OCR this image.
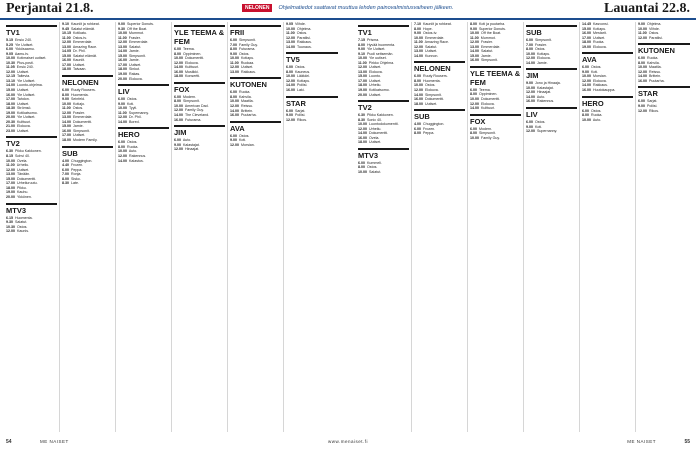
Perjantai 21.8.	NELONEN	Ohjelmatiedot saattavat muuttua lehden painovalmistusvaiheen jälkeen.	Lauantai 22.8.
TV1
5.15 Ensio 240.
5.25 Yle Uutiset.
6.00 Ykkösaamu.
9.05 Aamu-tv.
10.00 Kotimaiset uutiset.
10.30 Plus-posti.
11.05 Ensio 240.
12.00 Uutiset.
12.15 Taltevia.
13.10 Yle Uutiset.
14.00 Luonto-ohjelma.
15.00 Uutiset.
16.00 Yle Uutiset.
17.00 Tahdon.
18.00 Uutiset.
18.30 Strömsö.
19.00 Kotikatsomo.
20.00 Yle Uutiset.
20.30 Kulttuuri.
21.00 Elokuva.
23.00 Uutiset.
TV2
6.30 Pikku Kakkonen.
8.15 Sohvi 40.
10.00 Ovela.
11.00 Urheilu.
12.00 Uutiset.
13.00 Tänään.
15.00 Dokumentti.
17.00 Urheiluruutu.
18.00 Pikku.
19.00 Kauhu.
20.00 Ykkönen.
MTV3
6.15 Huomenta.
9.30 Salatut.
10.30 Ostos.
12.00 Kaunis.
9.10 Kauniit ja rohkeat.
9.45 Salatut elämät.
10.15 Kotikatu.
11.00 Ostos-tv.
12.00 Emmerdale.
13.00 Amazing Race.
14.05 Dr. Phil.
15.00 Salatut elämät.
16.00 Kauniit.
17.00 Uutiset.
18.00 Taivaan.
NELONEN
6.00 Ruuty Rousers.
8.00 Huomenta.
9.00 Seinfeld.
10.00 Kotiajo.
11.00 Ostos.
12.00 Frasier.
13.00 Emmerdale.
14.00 Dokumentti.
15.00 Jamie.
16.00 Simpsonit.
17.00 Uutiset.
18.00 Modern Family.
SUB
4.00 Chuggington.
4.40 Frozen.
6.00 Peppa.
7.00 Ronja.
8.00 Sisko.
8.30 Late.
9.00 Superior Donuts.
9.30 Off the Boat.
10.00 Mummot.
11.00 Frasier.
12.00 Emmerdale.
13.00 Salatut.
14.00 Jamie.
15.00 Simpsonit.
16.00 Jamie.
17.00 Uutiset.
18.00 Sinkut.
19.00 Rakas.
20.00 Elokuva.
LIV
6.00 Ostos.
9.00 Koti.
10.00 Tyyli.
11.00 Supernanny.
12.00 Dr. Phil.
14.00 Bored.
HERO
6.00 Ostos.
8.00 Ruoka.
10.00 Auto.
12.00 Rakennus.
14.00 Kalastus.
YLE TEEMA & FEM
6.00 Teema.
8.00 Oppiminen.
10.00 Dokumentti.
12.00 Elokuva.
14.00 Kulttuuri.
16.00 Musiikki.
18.00 Konsertti.
FOX
6.00 Modern.
8.00 Simpsonit.
10.00 American Dad.
12.00 Family Guy.
14.00 The Cleveland.
16.00 Futurama.
JIM
6.00 Auto.
9.00 Kalastajat.
12.00 Hinaajat.
FRII
6.00 Simpsonit.
7.00 Family Guy.
8.00 Futurama.
9.00 Ostos.
10.00 Kotiapu.
11.00 Ruokaa.
12.00 Uutiset.
13.00 Rakkaus.
KUTONEN
6.00 Ruoka.
8.00 Kahvila.
10.00 Maatila.
12.00 Reissu.
14.00 Brittein.
16.00 Puutarha.
AVA
6.00 Ostos.
9.00 Koti.
12.00 Morsian.
9.05 Viihde.
10.00 Ohjelma.
11.00 Ostos.
12.00 Paratiisi.
13.00 Rakkaus.
14.00 Tuunaus.
TV5
6.00 Ostos.
8.00 Kauneus.
10.00 Lääkäri.
12.00 Kotiapu.
14.00 Poliisi.
16.00 Laki.
STAR
6.00 Sarjat.
9.00 Poliisi.
12.00 Rikos.
TV1
7.15 Prisma.
8.00 Hyvää huomenta.
9.00 Yle Uutiset.
9.10 Puoli seitsemän.
10.00 Yle uutiset.
11.00 Pirkko Ohjelma.
12.00 Uutiset.
13.00 Elokuva.
15.00 Luonto.
17.00 Uutiset.
18.00 Urheilu.
19.00 Kotikatsomo.
20.00 Uutiset.
TV2
6.30 Pikku Kakkonen.
8.30 Sonic 40.
10.00 Luontodokumentti.
12.00 Urheilu.
14.00 Dokumentti.
16.00 Ovela.
18.00 Uutiset.
MTV3
6.00 Kummeli.
8.00 Ostos.
10.00 Salatut.
7.10 Kauniit ja rohkeat.
8.00 Hope.
9.00 Ostos-tv.
10.00 Emmerdale.
11.00 Amazing Race.
12.00 Salatut.
13.00 Uutiset.
14.00 Kunnon.
NELONEN
6.00 Ruuty Rousers.
8.00 Huomenta.
10.00 Ostos.
12.00 Elokuva.
14.00 Simpsonit.
16.00 Dokumentti.
18.00 Uutiset.
SUB
4.00 Chuggington.
6.00 Frozen.
8.00 Peppa.
8.00 Koti ja puutarha.
9.00 Superior Donuts.
10.00 Off the Boat.
11.00 Mummot.
12.00 Frasier.
13.00 Emmerdale.
14.00 Salatut.
15.00 Jamie.
16.00 Simpsonit.
YLE TEEMA & FEM
6.00 Teema.
8.00 Oppiminen.
10.00 Dokumentti.
12.00 Elokuva.
14.00 Kulttuuri.
FOX
6.00 Modern.
8.00 Simpsonit.
10.00 Family Guy.
SUB
6.00 Simpsonit.
7.00 Frasier.
8.00 Ostos.
10.00 Kotiapu.
12.00 Elokuva.
14.00 Jamie.
JIM
9.00 Jono ja Hinaaja.
10.00 Kalastajat.
12.00 Hinaajat.
14.00 Auto.
16.00 Rakennus.
LIV
6.00 Ostos.
9.00 Koti.
12.00 Supernanny.
14.45 Kasvonsi.
15.00 Kotiapu.
16.00 Mestarit.
17.00 Uutiset.
18.00 Ruoka.
19.00 Elokuva.
AVA
6.00 Ostos.
9.00 Koti.
10.00 Morsian.
12.00 Elokuva.
14.00 Rakkaus.
16.00 Huutokauppa.
HERO
6.00 Ostos.
8.00 Ruoka.
10.00 Auto.
9.00 Ohjelma.
10.00 Viihde.
11.00 Ostos.
12.00 Paratiisi.
KUTONEN
6.00 Ruoka.
8.00 Kahvila.
10.00 Maatila.
12.00 Reissu.
14.00 Brittein.
16.00 Puutarha.
STAR
6.00 Sarjat.
9.00 Poliisi.
12.00 Rikos.
54	ME NAISET	www.menaiset.fi	ME NAISET	55
